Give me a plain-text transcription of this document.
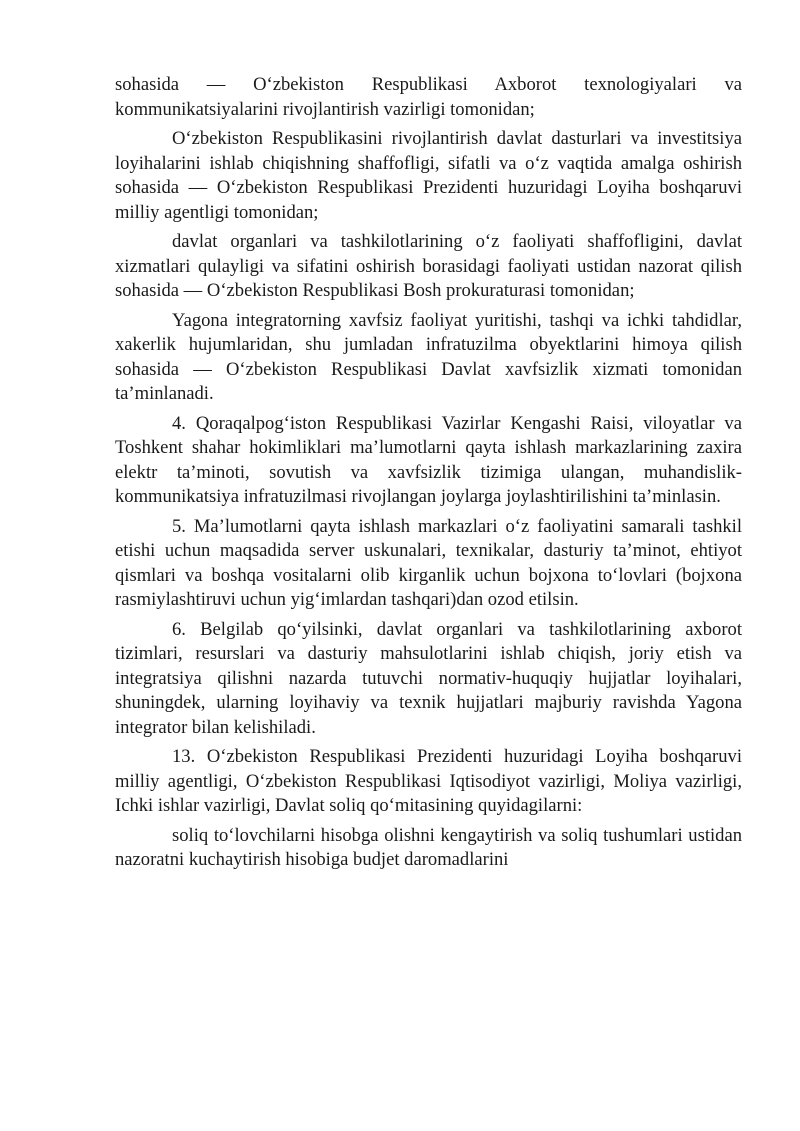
sohasida — O‘zbekiston Respublikasi Axborot texnologiyalari va kommunikatsiyalarini rivojlantirish vazirligi tomonidan;

O‘zbekiston Respublikasini rivojlantirish davlat dasturlari va investitsiya loyihalarini ishlab chiqishning shaffofligi, sifatli va o‘z vaqtida amalga oshirish sohasida — O‘zbekiston Respublikasi Prezidenti huzuridagi Loyiha boshqaruvi milliy agentligi tomonidan;

davlat organlari va tashkilotlarining o‘z faoliyati shaffofligini, davlat xizmatlari qulayligi va sifatini oshirish borasidagi faoliyati ustidan nazorat qilish sohasida — O‘zbekiston Respublikasi Bosh prokuraturasi tomonidan;

Yagona integratorning xavfsiz faoliyat yuritishi, tashqi va ichki tahdidlar, xakerlik hujumlaridan, shu jumladan infratuzilma obyektlarini himoya qilish sohasida — O‘zbekiston Respublikasi Davlat xavfsizlik xizmati tomonidan ta’minlanadi.

4. Qoraqalpog‘iston Respublikasi Vazirlar Kengashi Raisi, viloyatlar va Toshkent shahar hokimliklari ma’lumotlarni qayta ishlash markazlarining zaxira elektr ta’minoti, sovutish va xavfsizlik tizimiga ulangan, muhandislik-kommunikatsiya infratuzilmasi rivojlangan joylarga joylashtirilishini ta’minlasin.

5. Ma’lumotlarni qayta ishlash markazlari o‘z faoliyatini samarali tashkil etishi uchun maqsadida server uskunalari, texnikalar, dasturiy ta’minot, ehtiyot qismlari va boshqa vositalarni olib kirganlik uchun bojxona to‘lovlari (bojxona rasmiylashtiruvi uchun yig‘imlardan tashqari)dan ozod etilsin.

6. Belgilab qo‘yilsinki, davlat organlari va tashkilotlarining axborot tizimlari, resurslari va dasturiy mahsulotlarini ishlab chiqish, joriy etish va integratsiya qilishni nazarda tutuvchi normativ-huquqiy hujjatlar loyihalari, shuningdek, ularning loyihaviy va texnik hujjatlari majburiy ravishda Yagona integrator bilan kelishiladi.

13. O‘zbekiston Respublikasi Prezidenti huzuridagi Loyiha boshqaruvi milliy agentligi, O‘zbekiston Respublikasi Iqtisodiyot vazirligi, Moliya vazirligi, Ichki ishlar vazirligi, Davlat soliq qo‘mitasining quyidagilarni:

soliq to‘lovchilarni hisobga olishni kengaytirish va soliq tushumlari ustidan nazoratni kuchaytirish hisobiga budjet daromadlarini
